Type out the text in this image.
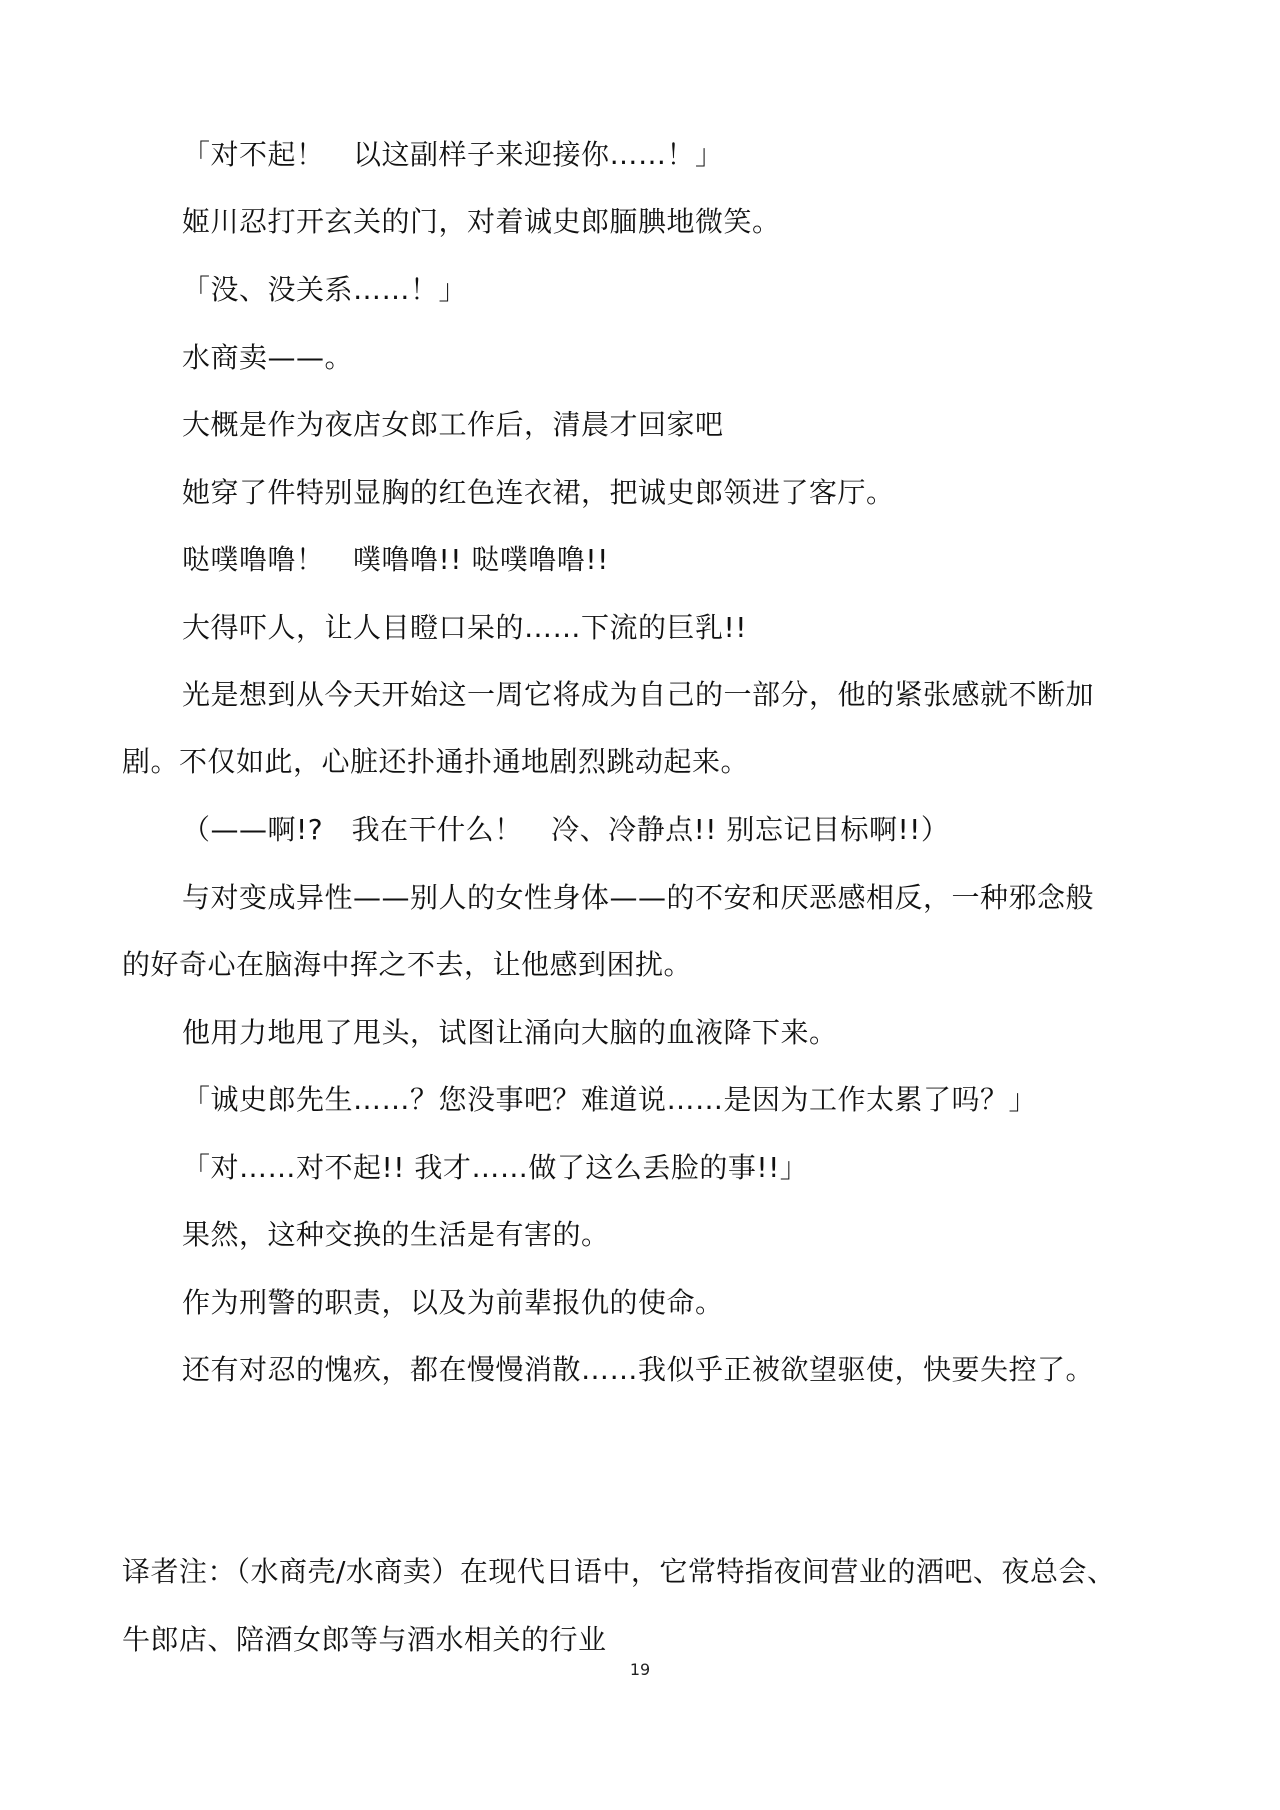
「对不起！　以这副样子来迎接你……！」
姬川忍打开玄关的门，对着诚史郎腼腆地微笑。
「没、没关系……！」
水商卖——。
大概是作为夜店女郎工作后，清晨才回家吧
她穿了件特别显胸的红色连衣裙，把诚史郎领进了客厅。
哒噗噜噜！　噗噜噜!! 哒噗噜噜!!
大得吓人，让人目瞪口呆的……下流的巨乳!!
光是想到从今天开始这一周它将成为自己的一部分，他的紧张感就不断加
剧。不仅如此，心脏还扑通扑通地剧烈跳动起来。
（——啊!?　我在干什么！　冷、冷静点!! 别忘记目标啊!!）
与对变成异性——别人的女性身体——的不安和厌恶感相反，一种邪念般
的好奇心在脑海中挥之不去，让他感到困扰。
他用力地甩了甩头，试图让涌向大脑的血液降下来。
「诚史郎先生……？您没事吧？难道说……是因为工作太累了吗？」
「对……对不起!! 我才……做了这么丢脸的事!!」
果然，这种交换的生活是有害的。
作为刑警的职责，以及为前辈报仇的使命。
还有对忍的愧疚，都在慢慢消散……我似乎正被欲望驱使，快要失控了。
译者注：（水商壳/水商卖）在现代日语中，它常特指夜间营业的酒吧、夜总会、
牛郎店、陪酒女郎等与酒水相关的行业
19
